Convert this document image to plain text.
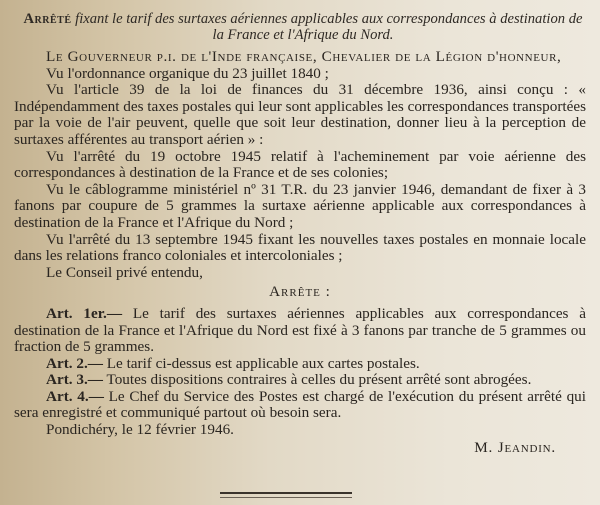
Arrêté fixant le tarif des surtaxes aériennes applicables aux correspondances à destination de la France et l'Afrique du Nord.

Le Gouverneur p.i. de l'Inde française, Chevalier de la Légion d'honneur,

Vu l'ordonnance organique du 23 juillet 1840 ;

Vu l'article 39 de la loi de finances du 31 décembre 1936, ainsi conçu : « Indépendamment des taxes postales qui leur sont applicables les correspondances transportées par la voie de l'air peuvent, quelle que soit leur destination, donner lieu à la perception de surtaxes afférentes au transport aérien » :

Vu l'arrêté du 19 octobre 1945 relatif à l'acheminement par voie aérienne des correspondances à destination de la France et de ses colonies;

Vu le câblogramme ministériel nº 31 T.R. du 23 janvier 1946, demandant de fixer à 3 fanons par coupure de 5 grammes la surtaxe aérienne applicable aux correspondances à destination de la France et l'Afrique du Nord ;

Vu l'arrêté du 13 septembre 1945 fixant les nouvelles taxes postales en monnaie locale dans les relations franco coloniales et intercoloniales ;

Le Conseil privé entendu,

Arrête :

Art. 1er.— Le tarif des surtaxes aériennes applicables aux correspondances à destination de la France et l'Afrique du Nord est fixé à 3 fanons par tranche de 5 grammes ou fraction de 5 grammes.

Art. 2.— Le tarif ci-dessus est applicable aux cartes postales.

Art. 3.— Toutes dispositions contraires à celles du présent arrêté sont abrogées.

Art. 4.— Le Chef du Service des Postes est chargé de l'exécution du présent arrêté qui sera enregistré et communiqué partout où besoin sera.

Pondichéry, le 12 février 1946.
M. Jeandin.
